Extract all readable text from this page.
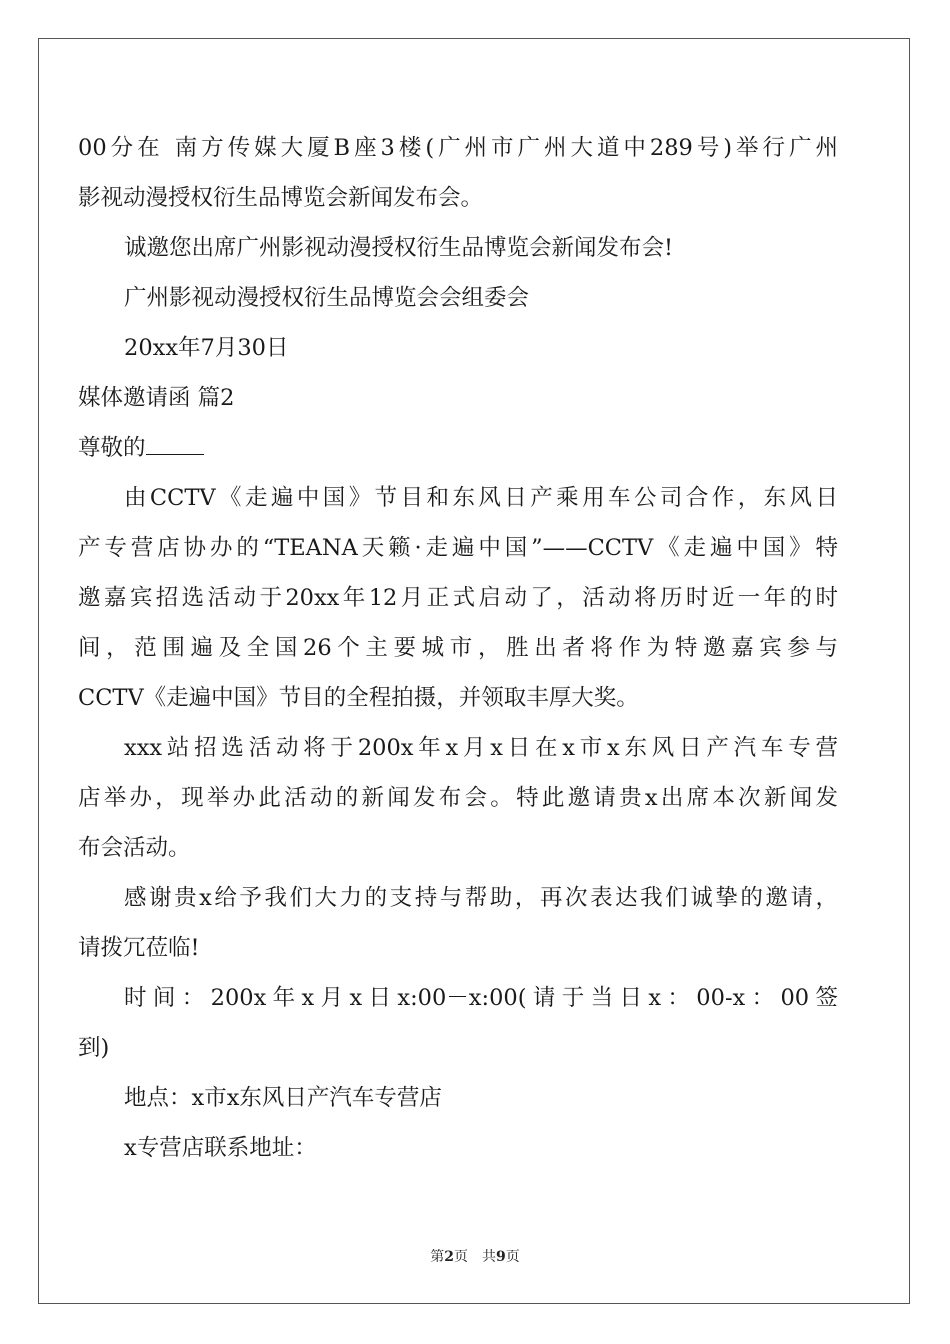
00分在 南方传媒大厦B座3楼(广州市广州大道中289号)举行广州
影视动漫授权衍生品博览会新闻发布会。
诚邀您出席广州影视动漫授权衍生品博览会新闻发布会!
广州影视动漫授权衍生品博览会会组委会
20xx年7月30日
媒体邀请函 篇2
尊敬的
由CCTV《走遍中国》节目和东风日产乘用车公司合作，东风日
产专营店协办的“TEANA天籁·走遍中国”——CCTV《走遍中国》特
邀嘉宾招选活动于20xx年12月正式启动了，活动将历时近一年的时
间，范围遍及全国26个主要城市，胜出者将作为特邀嘉宾参与
CCTV《走遍中国》节目的全程拍摄，并领取丰厚大奖。
xxx站招选活动将于200x年x月x日在x市x东风日产汽车专营
店举办，现举办此活动的新闻发布会。特此邀请贵x出席本次新闻发
布会活动。
感谢贵x给予我们大力的支持与帮助，再次表达我们诚挚的邀请，
请拨冗莅临!
时间：200x年x月x日x:00－x:00(请于当日x：00-x：00签
到)
地点：x市x东风日产汽车专营店
x专营店联系地址：
第2页　共9页
